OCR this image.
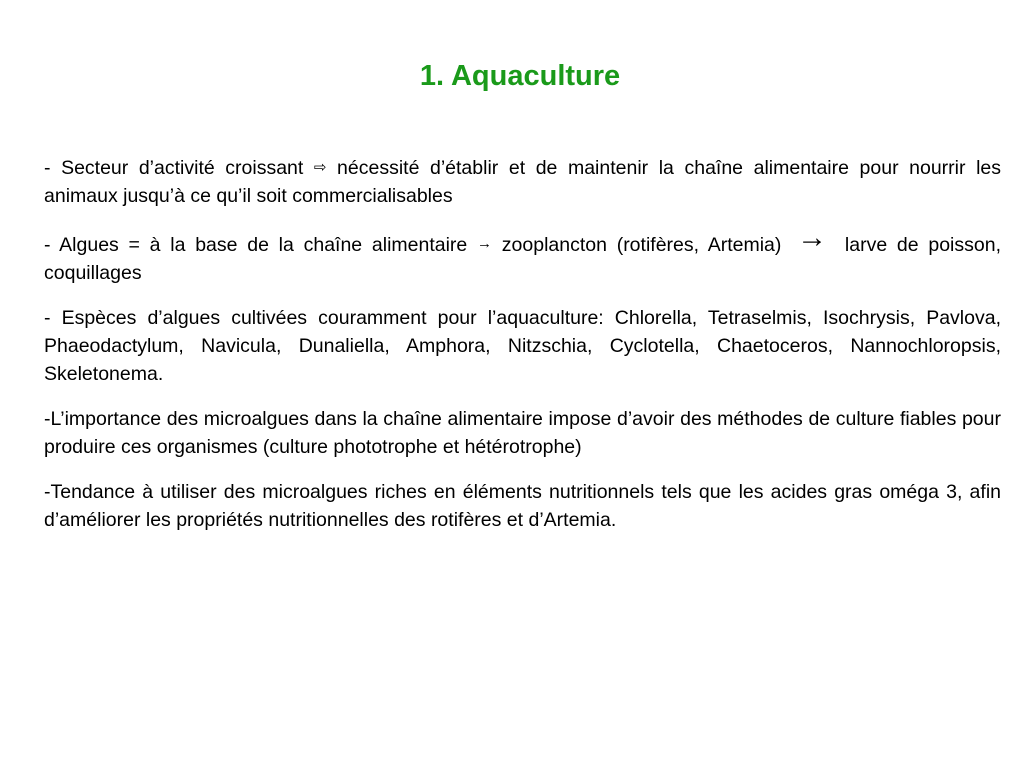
1. Aquaculture

- Secteur d’activité croissant ⇨ nécessité d’établir et de maintenir la chaîne alimentaire pour nourrir les animaux jusqu’à ce qu’il soit commercialisables

- Algues = à la base de la chaîne alimentaire → zooplancton (rotifères, Artemia) → larve de poisson, coquillages

- Espèces d’algues cultivées couramment pour l’aquaculture: Chlorella, Tetraselmis, Isochrysis, Pavlova, Phaeodactylum, Navicula, Dunaliella, Amphora, Nitzschia, Cyclotella, Chaetoceros, Nannochloropsis, Skeletonema.

-L’importance des microalgues dans la chaîne alimentaire impose d’avoir des méthodes de culture fiables pour produire ces organismes (culture phototrophe et hétérotrophe)

-Tendance à utiliser des microalgues riches en éléments nutritionnels tels que les acides gras oméga 3, afin d’améliorer les propriétés nutritionnelles des rotifères et d’Artemia.
